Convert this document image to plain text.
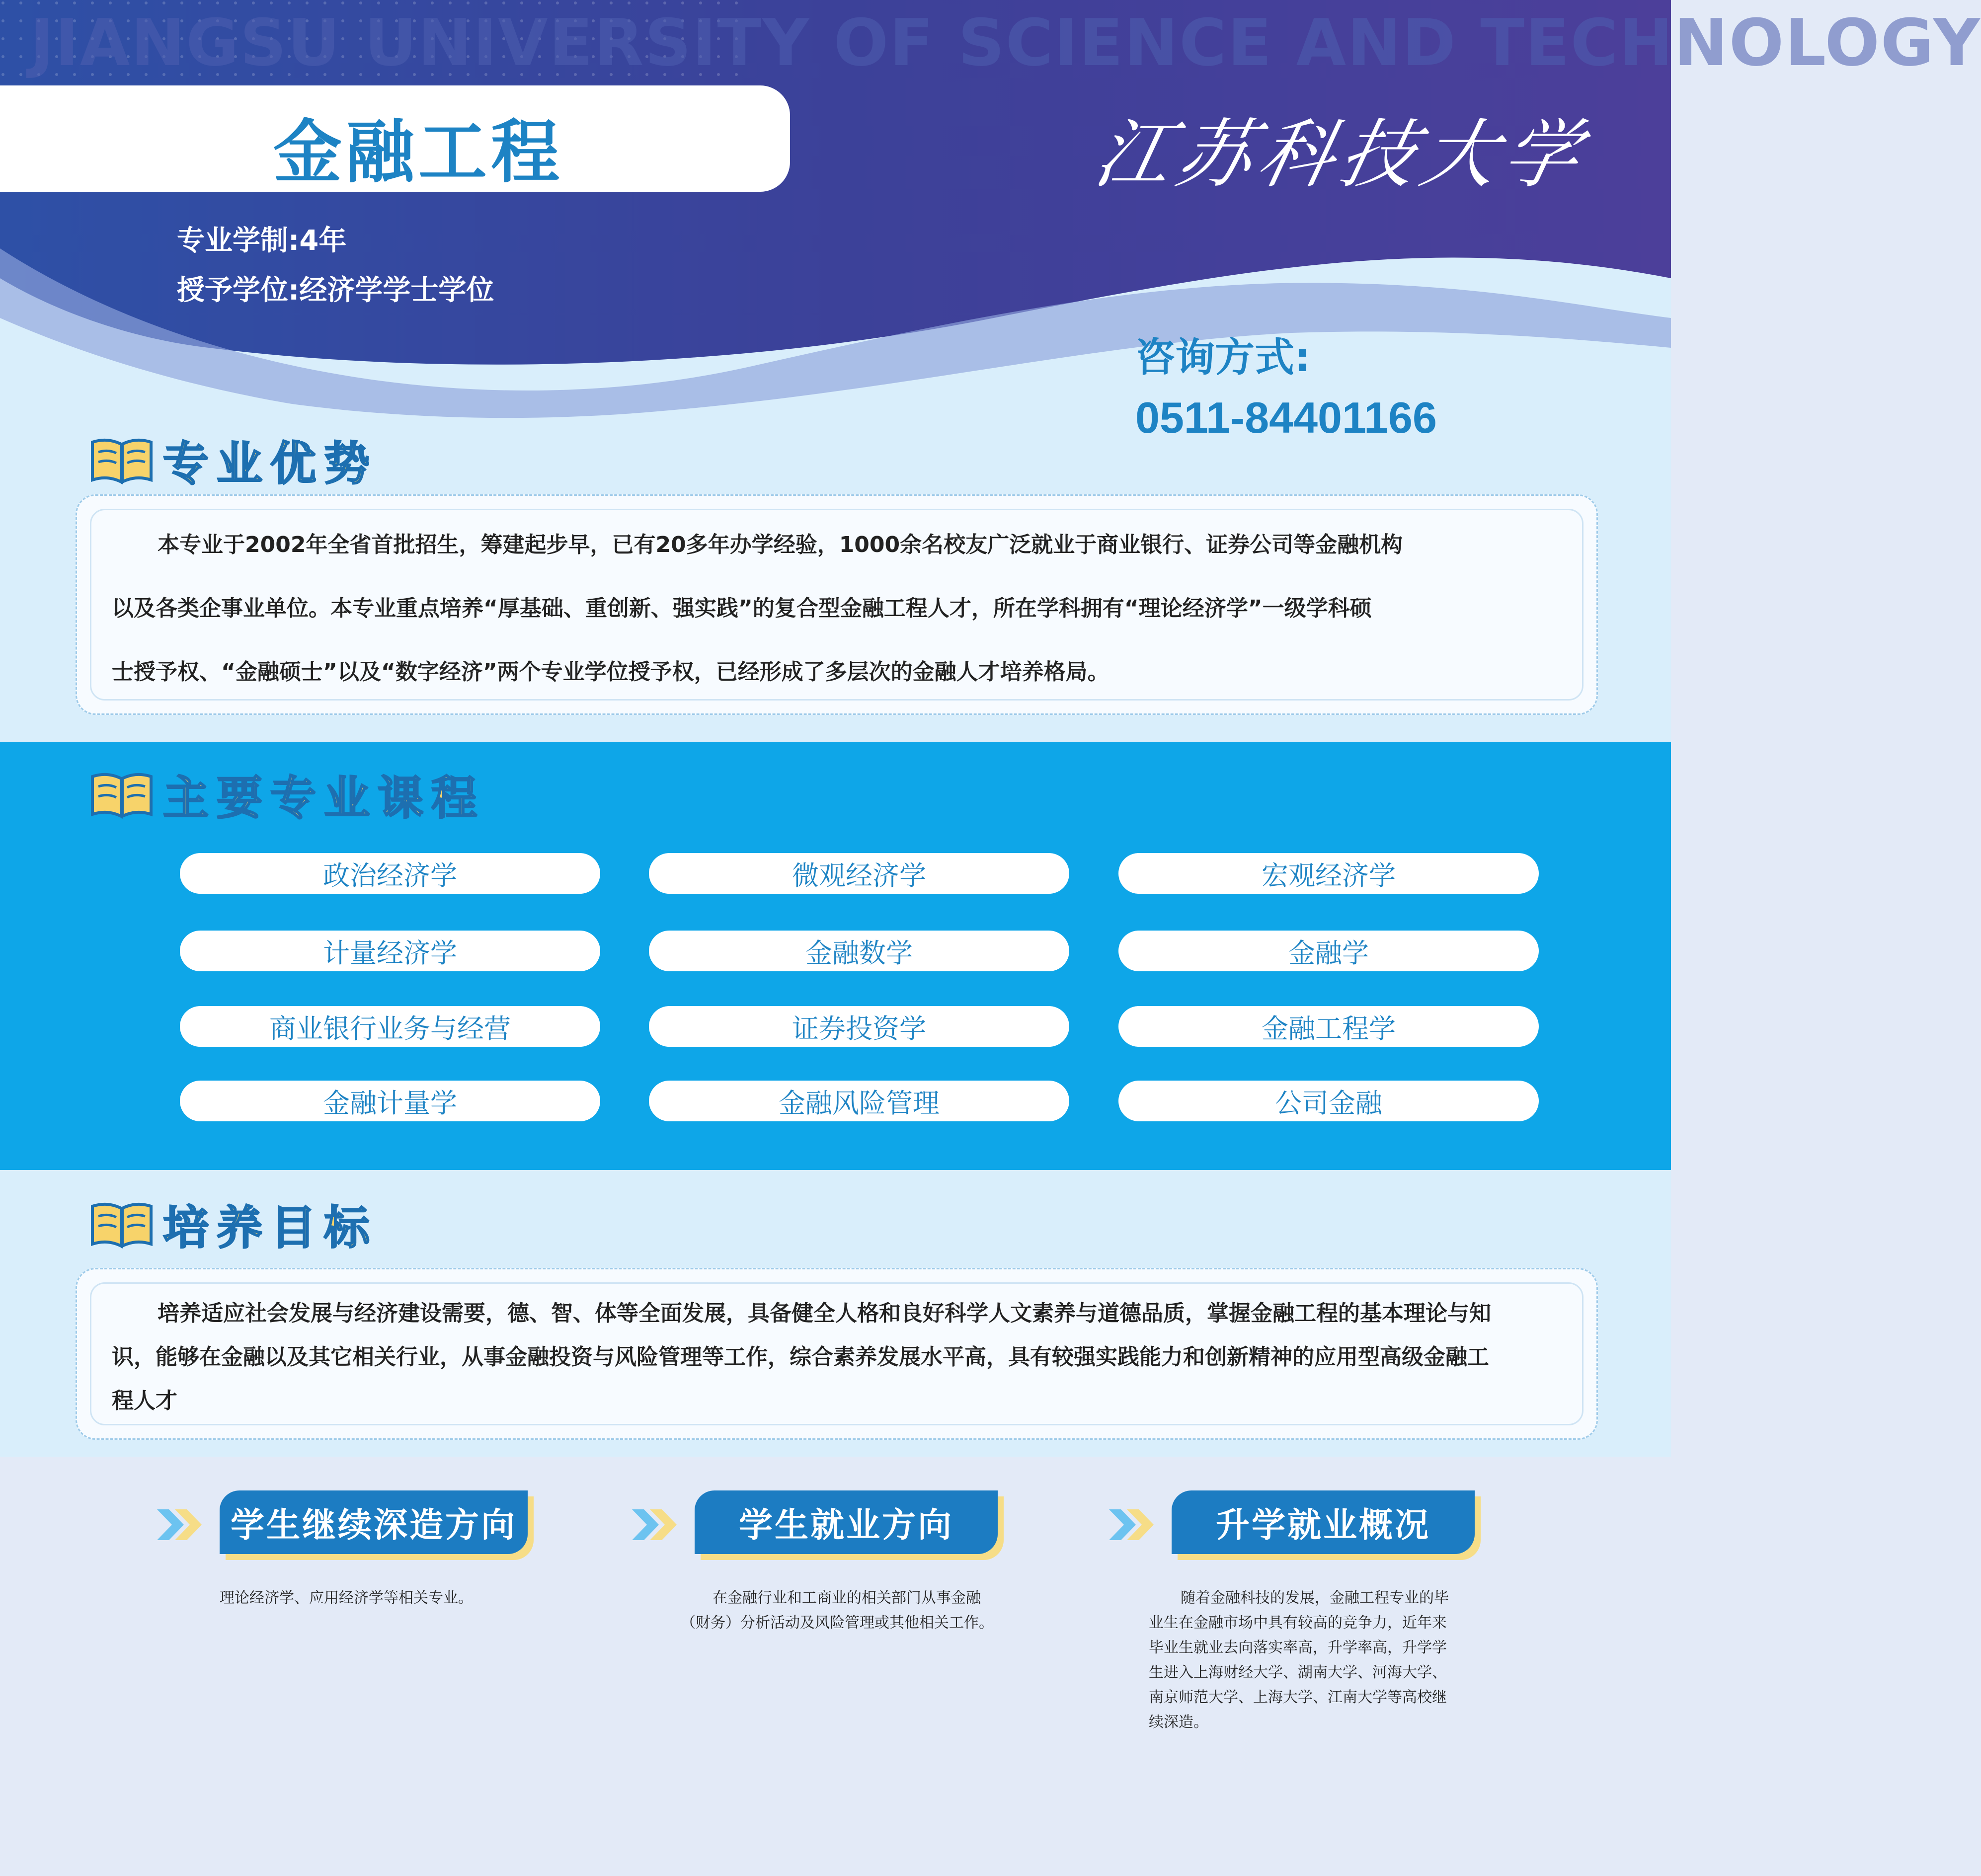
JIANGSU UNIVERSITY OF SCIENCE AND TECHNOLOGY
金融工程	江苏科技大学
专业学制:4年
授予学位:经济学学士学位
咨询方式:
0511-84401166
专业优势
本专业于2002年全省首批招生，筹建起步早，已有20多年办学经验，1000余名校友广泛就业于商业银行、证券公司等金融机构
以及各类企事业单位。本专业重点培养“厚基础、重创新、强实践”的复合型金融工程人才，所在学科拥有“理论经济学”一级学科硕
士授予权、“金融硕士”以及“数字经济”两个专业学位授予权，已经形成了多层次的金融人才培养格局。
主要专业课程
政治经济学	微观经济学	宏观经济学
计量经济学	金融数学	金融学
商业银行业务与经营	证券投资学	金融工程学
金融计量学	金融风险管理	公司金融
培养目标
培养适应社会发展与经济建设需要，德、智、体等全面发展，具备健全人格和良好科学人文素养与道德品质，掌握金融工程的基本理论与知
识，能够在金融以及其它相关行业，从事金融投资与风险管理等工作，综合素养发展水平高，具有较强实践能力和创新精神的应用型高级金融工
程人才
学生继续深造方向
理论经济学、应用经济学等相关专业。
学生就业方向
在金融行业和工商业的相关部门从事金融
（财务）分析活动及风险管理或其他相关工作。
升学就业概况
随着金融科技的发展，金融工程专业的毕
业生在金融市场中具有较高的竞争力，近年来
毕业生就业去向落实率高，升学率高，升学学
生进入上海财经大学、湖南大学、河海大学、
南京师范大学、上海大学、江南大学等高校继
续深造。
